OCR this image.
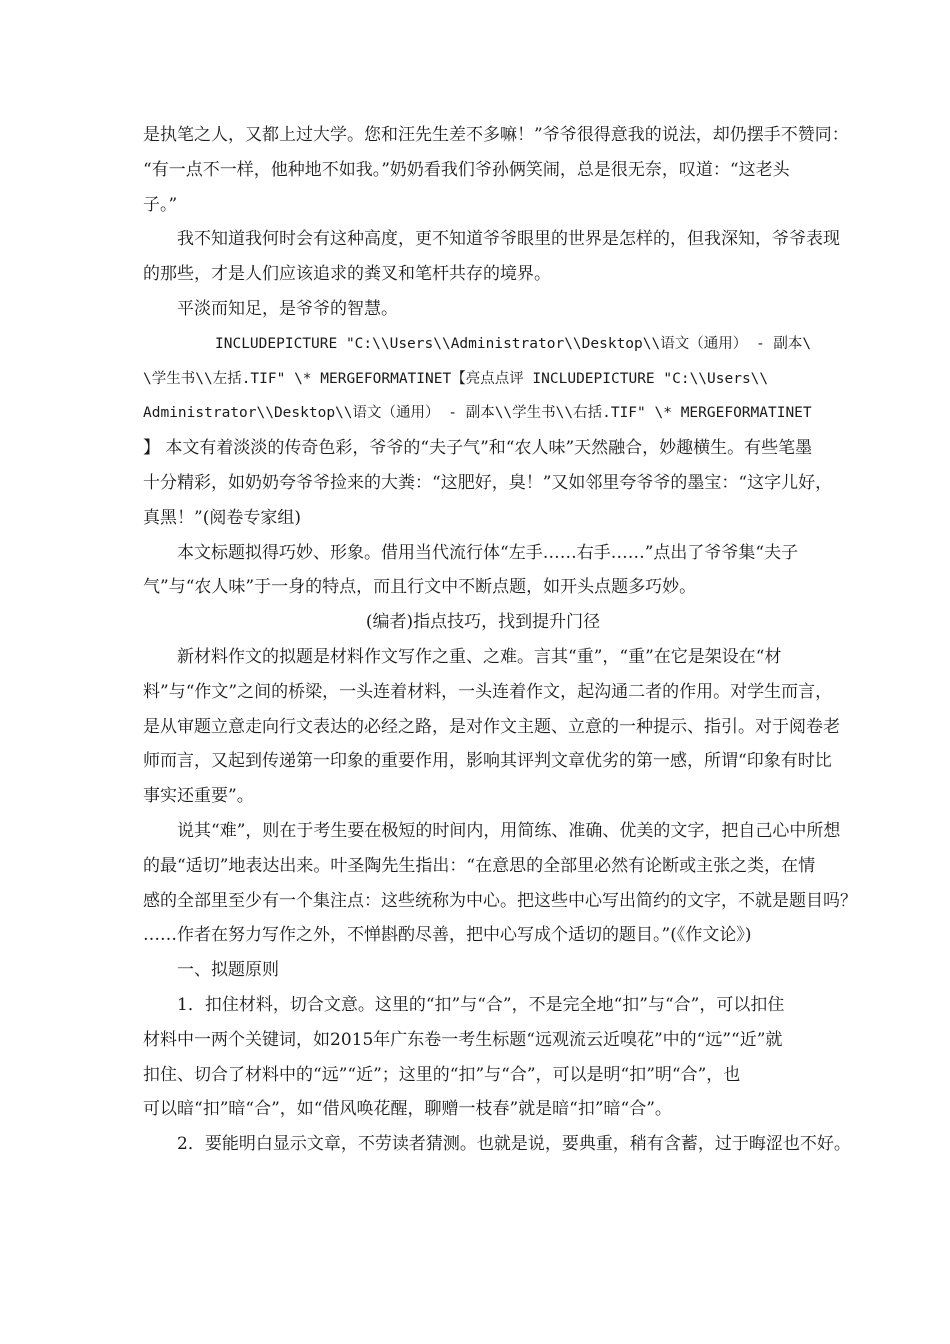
是执笔之人，又都上过大学。您和汪先生差不多嘛！”爷爷很得意我的说法，却仍摆手不赞同：
“有一点不一样，他种地不如我。”奶奶看我们爷孙俩笑闹，总是很无奈，叹道：“这老头
子。”
我不知道我何时会有这种高度，更不知道爷爷眼里的世界是怎样的，但我深知，爷爷表现
的那些，才是人们应该追求的粪叉和笔杆共存的境界。
平淡而知足，是爷爷的智慧。
INCLUDEPICTURE "C:\\Users\\Administrator\\Desktop\\语文（通用） - 副本\
\学生书\\左括.TIF" \* MERGEFORMATINET【亮点点评 INCLUDEPICTURE "C:\\Users\\
Administrator\\Desktop\\语文（通用） - 副本\\学生书\\右括.TIF" \* MERGEFORMATINET
】 本文有着淡淡的传奇色彩，爷爷的“夫子气”和“农人味”天然融合，妙趣横生。有些笔墨
十分精彩，如奶奶夸爷爷捡来的大粪：“这肥好，臭！”又如邻里夸爷爷的墨宝：“这字儿好，
真黑！”(阅卷专家组)
本文标题拟得巧妙、形象。借用当代流行体“左手……右手……”点出了爷爷集“夫子
气”与“农人味”于一身的特点，而且行文中不断点题，如开头点题多巧妙。
(编者)指点技巧，找到提升门径
新材料作文的拟题是材料作文写作之重、之难。言其“重”，“重”在它是架设在“材
料”与“作文”之间的桥梁，一头连着材料，一头连着作文，起沟通二者的作用。对学生而言，
是从审题立意走向行文表达的必经之路，是对作文主题、立意的一种提示、指引。对于阅卷老
师而言，又起到传递第一印象的重要作用，影响其评判文章优劣的第一感，所谓“印象有时比
事实还重要”。
说其“难”，则在于考生要在极短的时间内，用简练、准确、优美的文字，把自己心中所想
的最“适切”地表达出来。叶圣陶先生指出：“在意思的全部里必然有论断或主张之类，在情
感的全部里至少有一个集注点：这些统称为中心。把这些中心写出简约的文字，不就是题目吗？
……作者在努力写作之外，不惮斟酌尽善，把中心写成个适切的题目。”(《作文论》)
一、拟题原则
1．扣住材料，切合文意。这里的“扣”与“合”，不是完全地“扣”与“合”，可以扣住
材料中一两个关键词，如2015年广东卷一考生标题“远观流云近嗅花”中的“远”“近”就
扣住、切合了材料中的“远”“近”；这里的“扣”与“合”，可以是明“扣”明“合”，也
可以暗“扣”暗“合”，如“借风唤花醒，聊赠一枝春”就是暗“扣”暗“合”。
2．要能明白显示文章，不劳读者猜测。也就是说，要典重，稍有含蓄，过于晦涩也不好。
